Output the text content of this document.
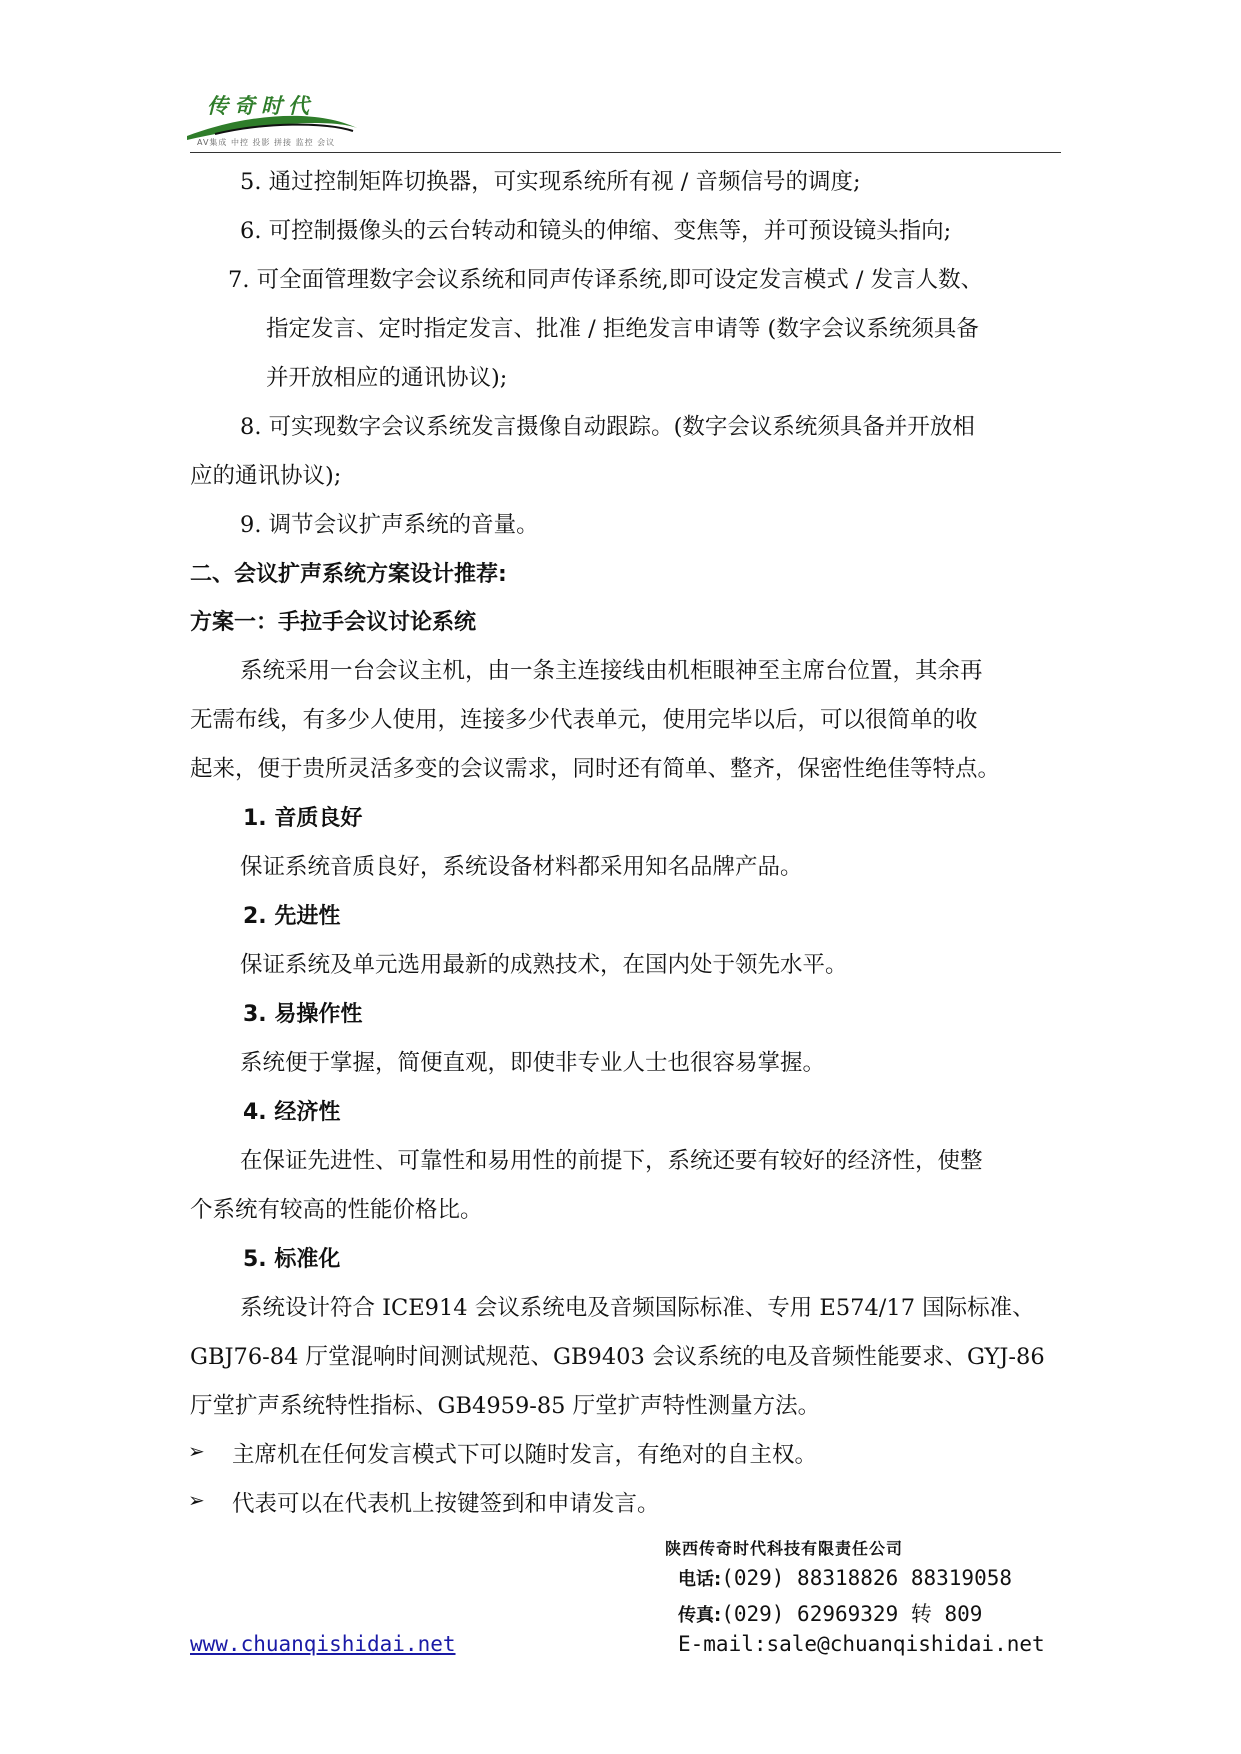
传奇时代
AV集成 中控 投影 拼接 监控 会议
5. 通过控制矩阵切换器，可实现系统所有视 / 音频信号的调度;
6. 可控制摄像头的云台转动和镜头的伸缩、变焦等，并可预设镜头指向;
7. 可全面管理数字会议系统和同声传译系统,即可设定发言模式 / 发言人数、
指定发言、定时指定发言、批准 / 拒绝发言申请等 (数字会议系统须具备
并开放相应的通讯协议);
8. 可实现数字会议系统发言摄像自动跟踪。(数字会议系统须具备并开放相
应的通讯协议);
9. 调节会议扩声系统的音量。
二、会议扩声系统方案设计推荐:
方案一：手拉手会议讨论系统
系统采用一台会议主机，由一条主连接线由机柜眼神至主席台位置，其余再
无需布线，有多少人使用，连接多少代表单元，使用完毕以后，可以很简单的收
起来，便于贵所灵活多变的会议需求，同时还有简单、整齐，保密性绝佳等特点。
1. 音质良好
保证系统音质良好，系统设备材料都采用知名品牌产品。
2. 先进性
保证系统及单元选用最新的成熟技术，在国内处于领先水平。
3. 易操作性
系统便于掌握，简便直观，即使非专业人士也很容易掌握。
4. 经济性
在保证先进性、可靠性和易用性的前提下，系统还要有较好的经济性，使整
个系统有较高的性能价格比。
5. 标准化
系统设计符合 ICE914 会议系统电及音频国际标准、专用 E574/17 国际标准、
GBJ76-84 厅堂混响时间测试规范、GB9403 会议系统的电及音频性能要求、GYJ-86
厅堂扩声系统特性指标、GB4959-85 厅堂扩声特性测量方法。
➢ 主席机在任何发言模式下可以随时发言，有绝对的自主权。
➢ 代表可以在代表机上按键签到和申请发言。
陕西传奇时代科技有限责任公司
电话:(029) 88318826 88319058
传真:(029) 62969329 转 809
www.chuanqishidai.net	E-mail:sale@chuanqishidai.net
